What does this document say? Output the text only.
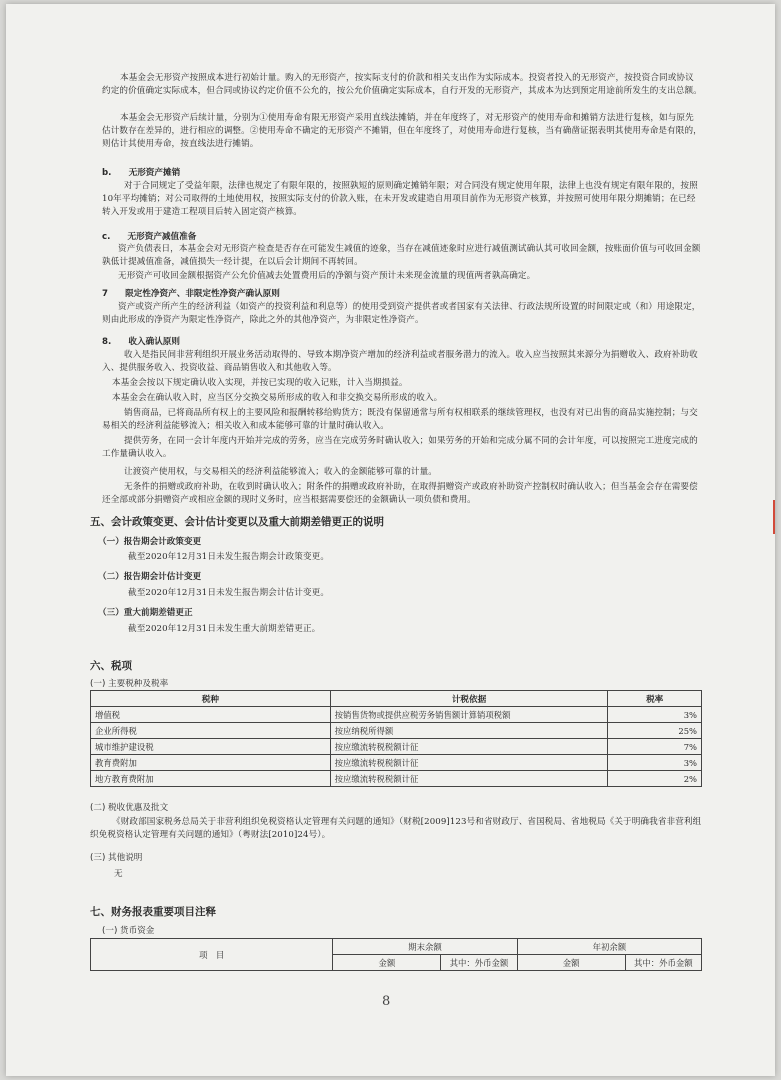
本基金会无形资产按照成本进行初始计量。购入的无形资产，按实际支付的价款和相关支出作为实际成本。投资者投入的无形资产，按投资合同或协议约定的价值确定实际成本，但合同或协议约定价值不公允的，按公允价值确定实际成本，自行开发的无形资产，其成本为达到预定用途前所发生的支出总额。
本基金会无形资产后续计量，分别为①使用寿命有限无形资产采用直线法摊销，并在年度终了，对无形资产的使用寿命和摊销方法进行复核，如与原先估计数存在差异的，进行相应的调整。②使用寿命不确定的无形资产不摊销，但在年度终了，对使用寿命进行复核，当有确凿证据表明其使用寿命是有限的，则估计其使用寿命，按直线法进行摊销。
b.　　无形资产摊销
对于合同规定了受益年限，法律也规定了有限年限的，按照孰短的原则确定摊销年限；对合同没有规定使用年限，法律上也没有规定有限年限的，按照10年平均摊销；对公司取得的土地使用权，按照实际支付的价款入账，在未开发或建造自用项目前作为无形资产核算，并按照可使用年限分期摊销；在已经转入开发或用于建造工程项目后转入固定资产核算。
c.　　无形资产减值准备
资产负债表日，本基金会对无形资产检查是否存在可能发生减值的迹象，当存在减值迹象时应进行减值测试确认其可收回金额，按账面价值与可收回金额孰低计提减值准备，减值损失一经计提，在以后会计期间不再转回。
无形资产可收回金额根据资产公允价值减去处置费用后的净额与资产预计未来现金流量的现值两者孰高确定。
7　　限定性净资产、非限定性净资产确认原则
资产或资产所产生的经济利益（如资产的投资利益和利息等）的使用受到资产提供者或者国家有关法律、行政法规所设置的时间限定或（和）用途限定，则由此形成的净资产为限定性净资产，除此之外的其他净资产，为非限定性净资产。
8.　　收入确认原则
收入是指民间非营利组织开展业务活动取得的、导致本期净资产增加的经济利益或者服务潜力的流入。收入应当按照其来源分为捐赠收入、政府补助收入、提供服务收入、投资收益、商品销售收入和其他收入等。
本基金会按以下规定确认收入实现，并按已实现的收入记账，计入当期损益。
本基金会在确认收入时，应当区分交换交易所形成的收入和非交换交易所形成的收入。
销售商品，已将商品所有权上的主要风险和报酬转移给购货方；既没有保留通常与所有权相联系的继续管理权，也没有对已出售的商品实施控制；与交易相关的经济利益能够流入；相关收入和成本能够可靠的计量时确认收入。
提供劳务，在同一会计年度内开始并完成的劳务，应当在完成劳务时确认收入；如果劳务的开始和完成分属不同的会计年度，可以按照完工进度完成的工作量确认收入。
让渡资产使用权，与交易相关的经济利益能够流入；收入的金额能够可靠的计量。
无条件的捐赠或政府补助，在收到时确认收入；附条件的捐赠或政府补助，在取得捐赠资产或政府补助资产控制权时确认收入；但当基金会存在需要偿还全部或部分捐赠资产或相应金额的现时义务时，应当根据需要偿还的金额确认一项负债和费用。
五、会计政策变更、会计估计变更以及重大前期差错更正的说明
（一）报告期会计政策变更
截至2020年12月31日未发生报告期会计政策变更。
（二）报告期会计估计变更
截至2020年12月31日未发生报告期会计估计变更。
（三）重大前期差错更正
截至2020年12月31日未发生重大前期差错更正。
六、税项
(一) 主要税种及税率
税种	计税依据	税率
增值税	按销售货物或提供应税劳务销售额计算销项税额	3%
企业所得税	按应纳税所得额	25%
城市维护建设税	按应缴流转税税额计征	7%
教育费附加	按应缴流转税税额计征	3%
地方教育费附加	按应缴流转税税额计征	2%
(二) 税收优惠及批文
《财政部国家税务总局关于非营利组织免税资格认定管理有关问题的通知》（财税[2009]123号和省财政厅、省国税局、省地税局《关于明确我省非营利组织免税资格认定管理有关问题的通知》（粤财法[2010]24号）。
(三) 其他说明
无
七、财务报表重要项目注释
(一) 货币资金
项　目	期末余额		年初余额	
	金额	其中：外币金额	金额	其中：外币金额
8
